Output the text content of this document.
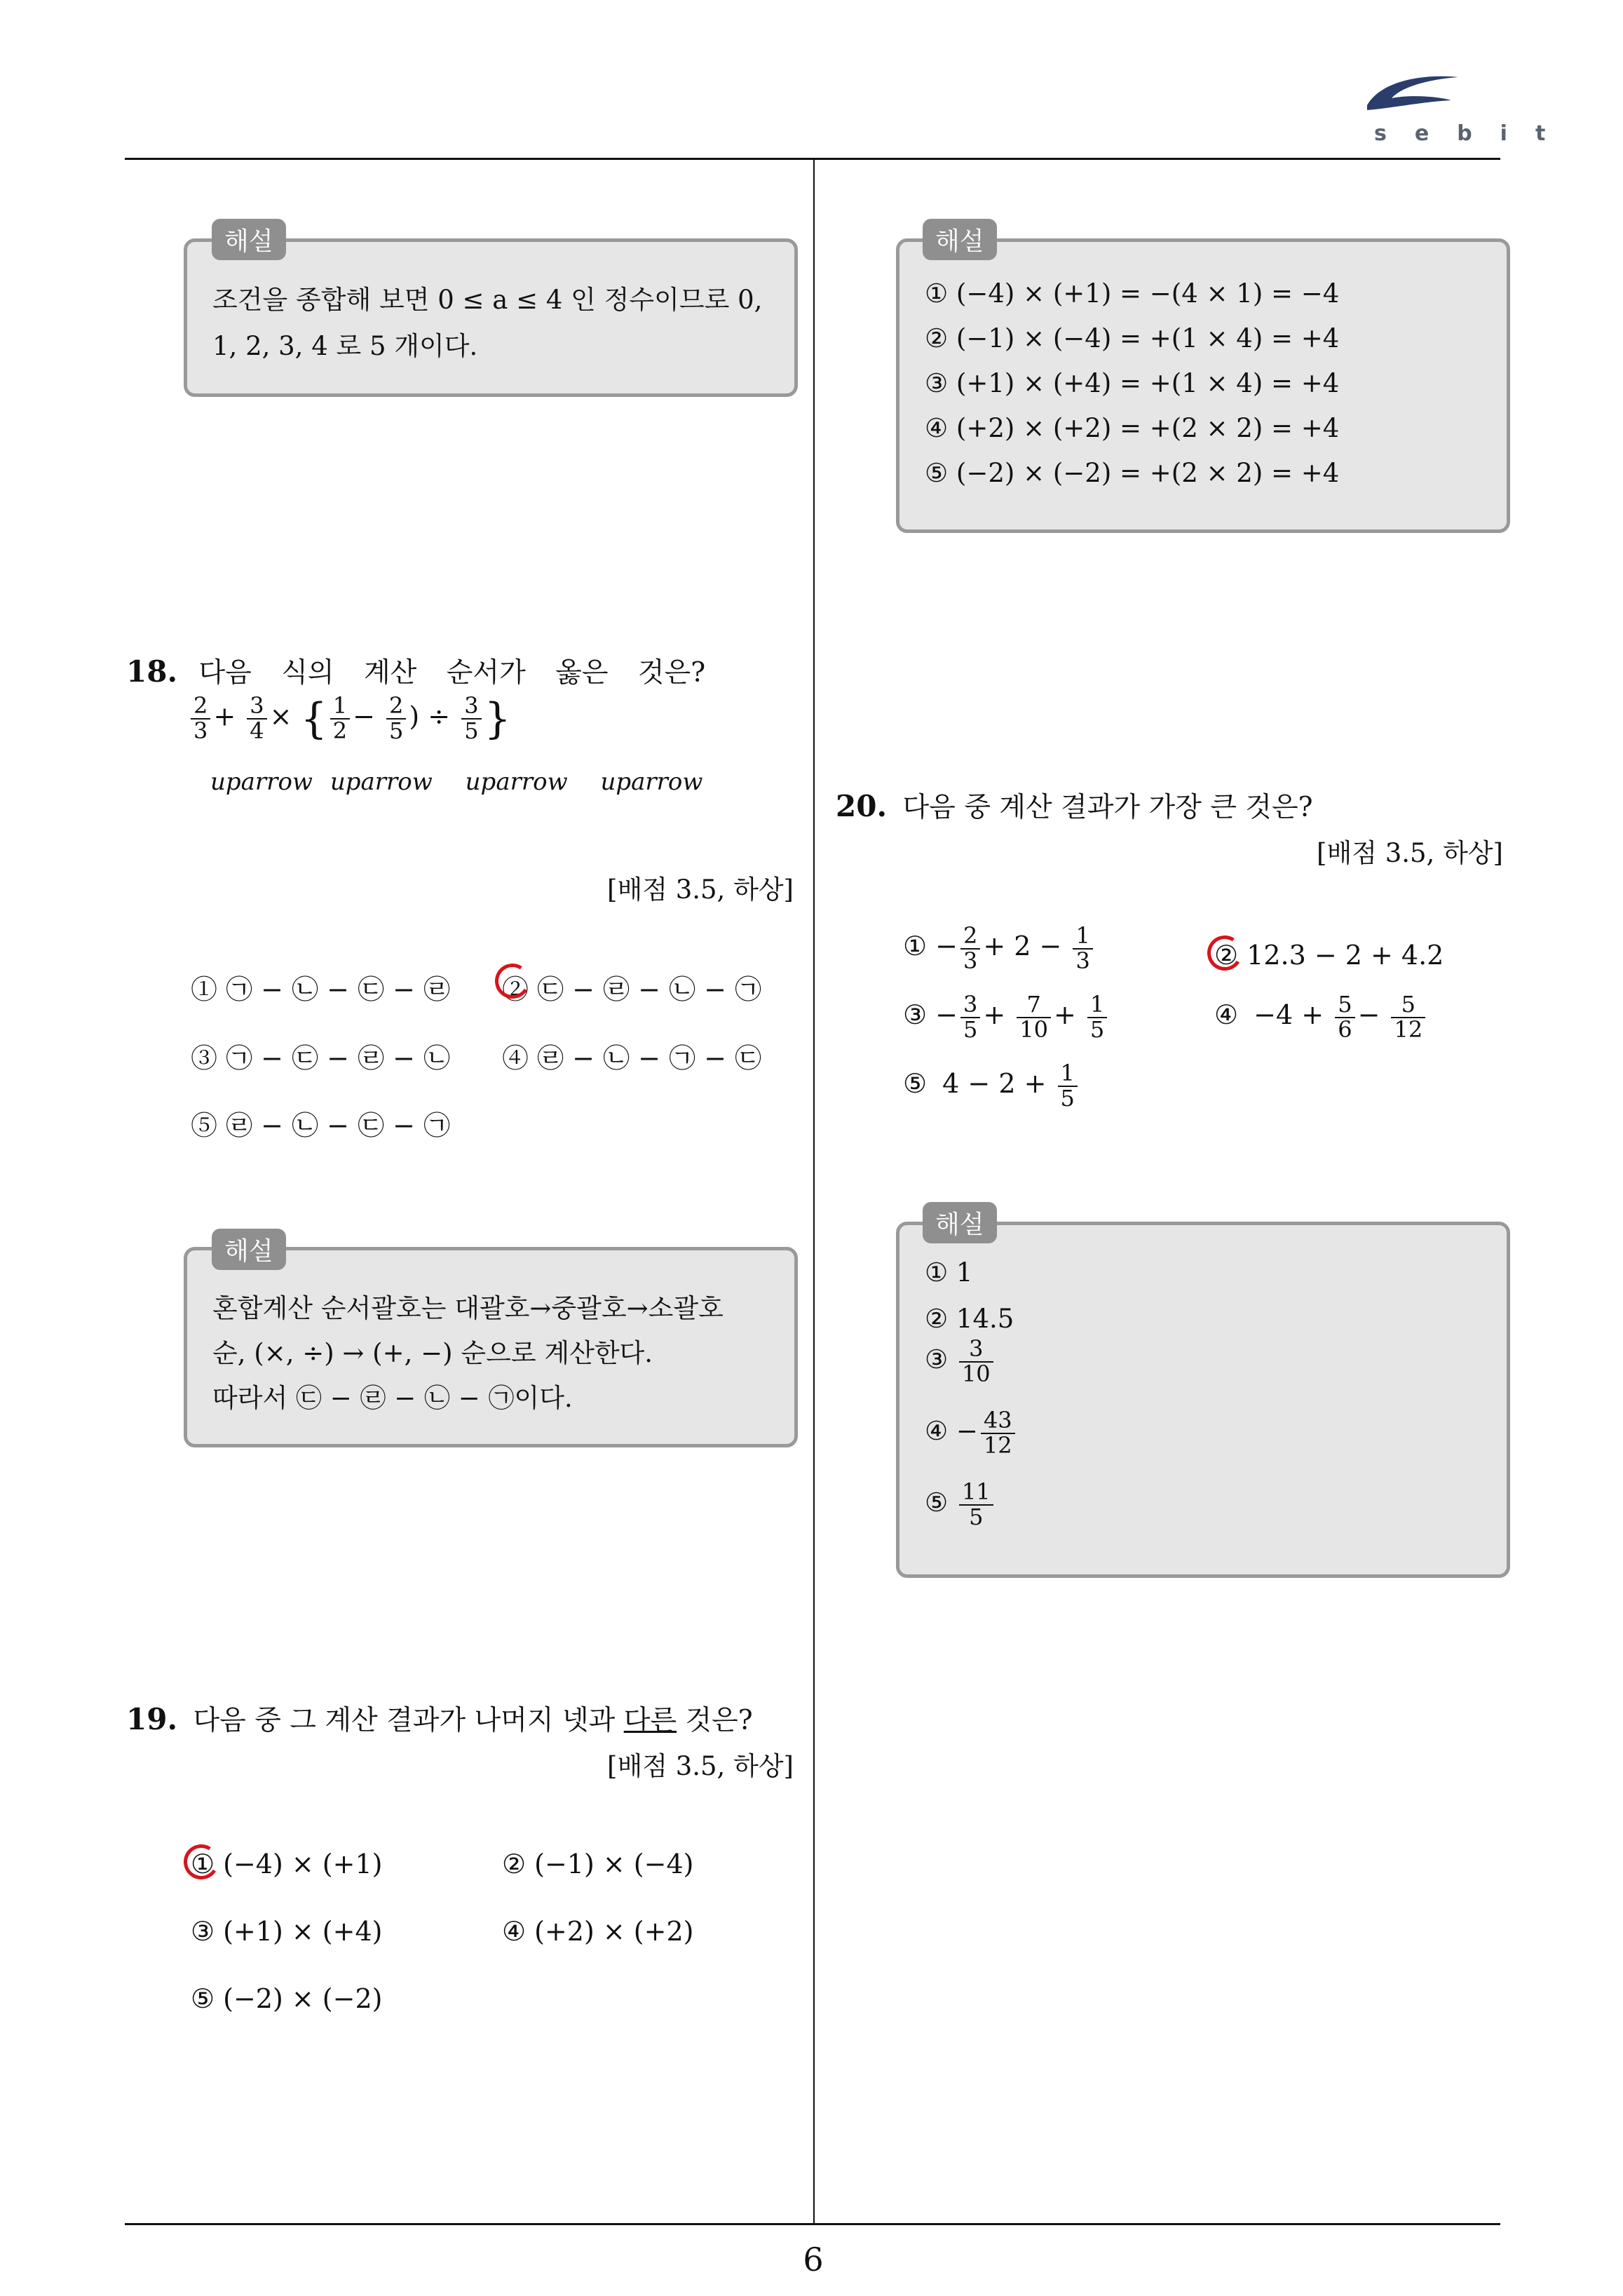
sebit
조건을 종합해 보면 0 ≤ a ≤ 4 인 정수이므로 0,
1, 2, 3, 4 로 5 개이다.
해설
18. 다음 식의 계산 순서가 옳은 것은?
$\frac{2}{3} + \frac{3}{4}$ × { $\frac{1}{2} - \frac{2}{5}$ ) ÷ $\frac{3}{5}$ }
uparrow uparrow uparrow uparrow
[배점 3.5, 하상]
① ㉠ − ㉡ − ㉢ − ㉣ ② ㉢ − ㉣ − ㉡ − ㉠
③ ㉠ − ㉢ − ㉣ − ㉡ ④ ㉣ − ㉡ − ㉠ − ㉢
⑤ ㉣ − ㉡ − ㉢ − ㉠
혼합계산 순서괄호는 대괄호→중괄호→소괄호
순, (×, ÷) → (+, −) 순으로 계산한다.
따라서 ㉢ − ㉣ − ㉡ − ㉠이다.
해설
19. 다음 중 그 계산 결과가 나머지 넷과 다른 것은?
[배점 3.5, 하상]
① (−4) × (+1)	② (−1) × (−4)
③ (+1) × (+4)	④ (+2) × (+2)
⑤ (−2) × (−2)
① (−4) × (+1) = −(4 × 1) = −4
② (−1) × (−4) = +(1 × 4) = +4
③ (+1) × (+4) = +(1 × 4) = +4
④ (+2) × (+2) = +(2 × 2) = +4
⑤ (−2) × (−2) = +(2 × 2) = +4
해설
20. 다음 중 계산 결과가 가장 큰 것은?
[배점 3.5, 하상]
① − $\frac{2}{3} + 2 - \frac{1}{3}$	② 12.3 − 2 + 4.2
③ − $\frac{3}{5} + \frac{7}{10} + \frac{1}{5}$	④ $-4 + \frac{5}{6} - \frac{5}{12}$
⑤ $4 - 2 + \frac{1}{5}$
① 1
② 14.5
③ $\frac{3}{10}$
④ − $\frac{43}{12}$
⑤ $\frac{11}{5}$
해설
6
